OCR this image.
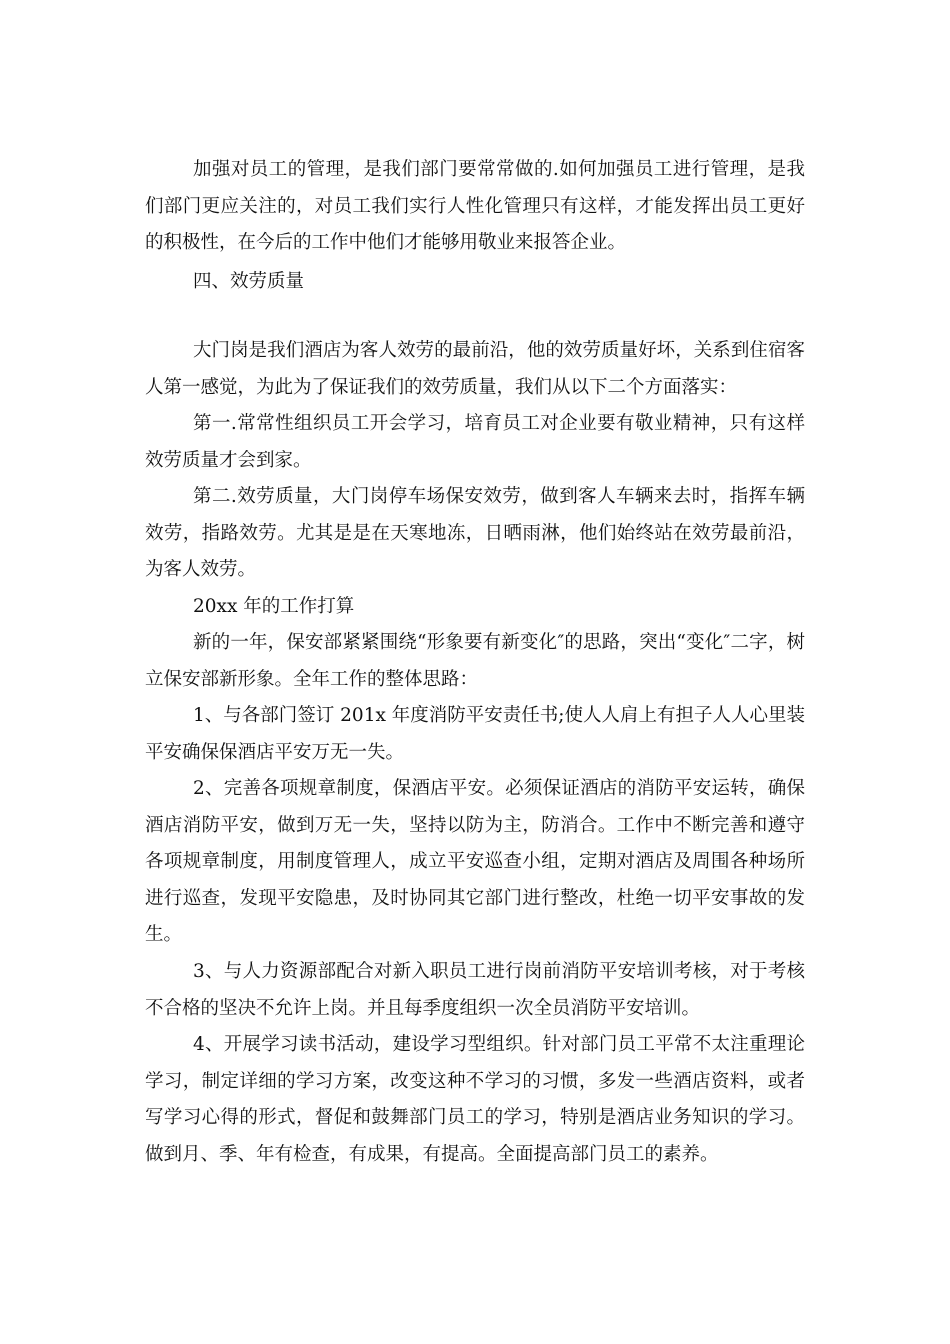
加强对员工的管理，是我们部门要常常做的.如何加强员工进行管理，是我们部门更应关注的，对员工我们实行人性化管理只有这样，才能发挥出员工更好的积极性，在今后的工作中他们才能够用敬业来报答企业。

四、效劳质量

大门岗是我们酒店为客人效劳的最前沿，他的效劳质量好坏，关系到住宿客人第一感觉，为此为了保证我们的效劳质量，我们从以下二个方面落实：

第一.常常性组织员工开会学习，培育员工对企业要有敬业精神，只有这样效劳质量才会到家。

第二.效劳质量，大门岗停车场保安效劳，做到客人车辆来去时，指挥车辆效劳，指路效劳。尤其是是在天寒地冻，日晒雨淋，他们始终站在效劳最前沿，为客人效劳。

20xx 年的工作打算

新的一年，保安部紧紧围绕“形象要有新变化″的思路，突出“变化″二字，树立保安部新形象。全年工作的整体思路：

1、与各部门签订 201x 年度消防平安责任书;使人人肩上有担子人人心里装平安确保保酒店平安万无一失。

2、完善各项规章制度，保酒店平安。必须保证酒店的消防平安运转，确保酒店消防平安，做到万无一失，坚持以防为主，防消合。工作中不断完善和遵守各项规章制度，用制度管理人，成立平安巡查小组，定期对酒店及周围各种场所进行巡查，发现平安隐患，及时协同其它部门进行整改，杜绝一切平安事故的发生。

3、与人力资源部配合对新入职员工进行岗前消防平安培训考核，对于考核不合格的坚决不允许上岗。并且每季度组织一次全员消防平安培训。

4、开展学习读书活动，建设学习型组织。针对部门员工平常不太注重理论学习，制定详细的学习方案，改变这种不学习的习惯，多发一些酒店资料，或者写学习心得的形式，督促和鼓舞部门员工的学习，特别是酒店业务知识的学习。做到月、季、年有检查，有成果，有提高。全面提高部门员工的素养。
